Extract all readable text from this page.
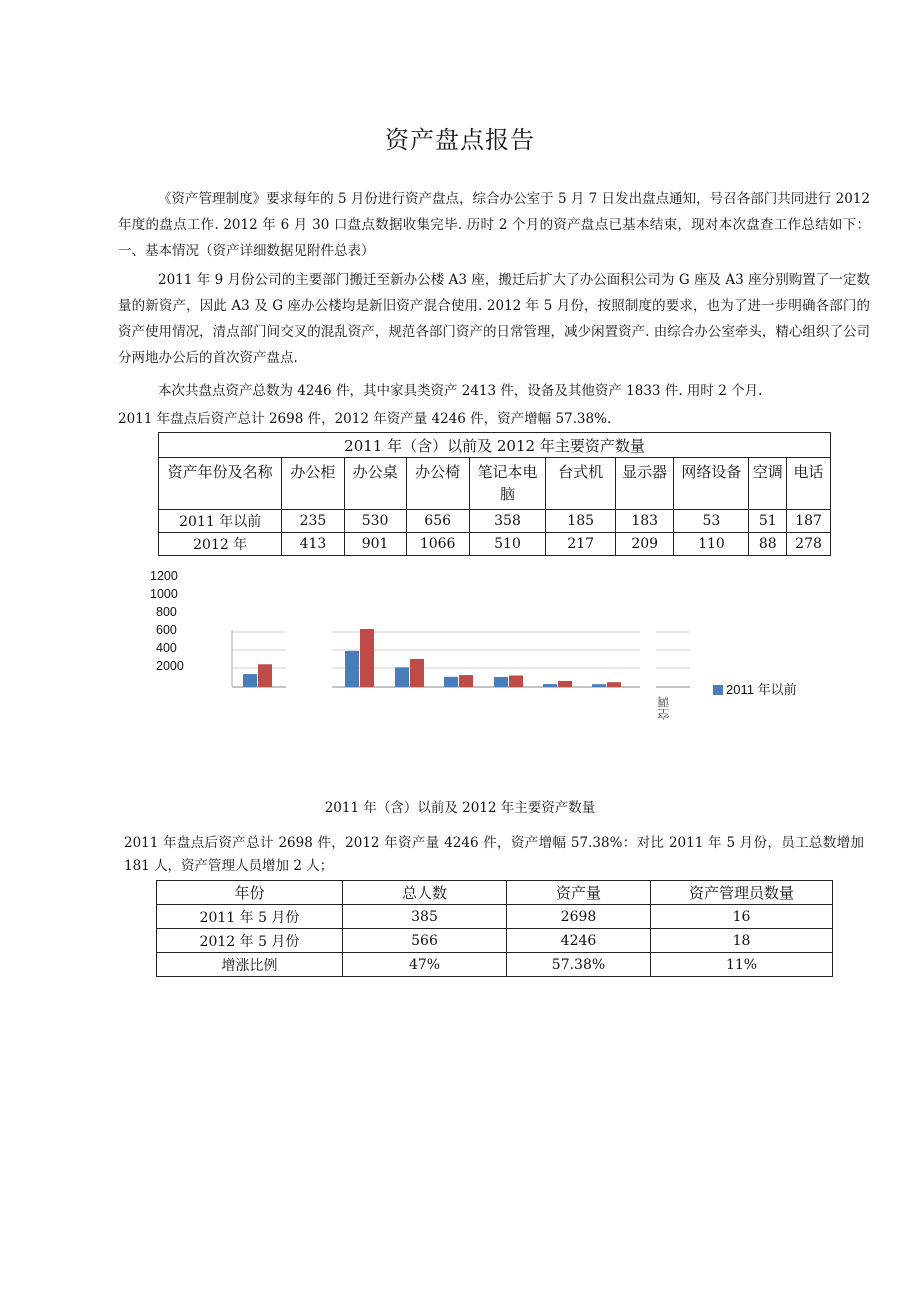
资产盘点报告
《资产管理制度》要求每年的 5 月份进行资产盘点，综合办公室于 5 月 7 日发出盘点通知，号召各部门共同进行 2012 年度的盘点工作. 2012 年 6 月 30 口盘点数据收集完毕. 历时 2 个月的资产盘点已基本结束，现对本次盘查工作总结如下：一、基本情况（资产详细数据见附件总表）
2011 年 9 月份公司的主要部门搬迁至新办公楼 A3 座，搬迁后扩大了办公面积公司为 G 座及 A3 座分别购置了一定数量的新资产，因此 A3 及 G 座办公楼均是新旧资产混合使用. 2012 年 5 月份，按照制度的要求，也为了进一步明确各部门的资产使用情况，清点部门间交叉的混乱资产，规范各部门资产的日常管理，减少闲置资产. 由综合办公室牵头，精心组织了公司分两地办公后的首次资产盘点.
本次共盘点资产总数为 4246 件，其中家具类资产 2413 件，设备及其他资产 1833 件. 用时 2 个月.
2011 年盘点后资产总计 2698 件，2012 年资产量 4246 件，资产增幅 57.38%.
2011 年（含）以前及 2012 年主要资产数量									
资产年份及名称	办公柜	办公桌	办公椅	笔记本电脑	台式机	显示器	网络设备	空调	电话
2011 年以前	235	530	656	358	185	183	53	51	187
2012 年	413	901	1066	510	217	209	110	88	278
1200
1000
800
600
400
2000
空调
2011 年以前
2011 年（含）以前及 2012 年主要资产数量
2011 年盘点后资产总计 2698 件，2012 年资产量 4246 件，资产增幅 57.38%：对比 2011 年 5 月份，员工总数增加 181 人，资产管理人员增加 2 人；
年份	总人数	资产量	资产管理员数量
2011 年 5 月份	385	2698	16
2012 年 5 月份	566	4246	18
增涨比例	47%	57.38%	11%
